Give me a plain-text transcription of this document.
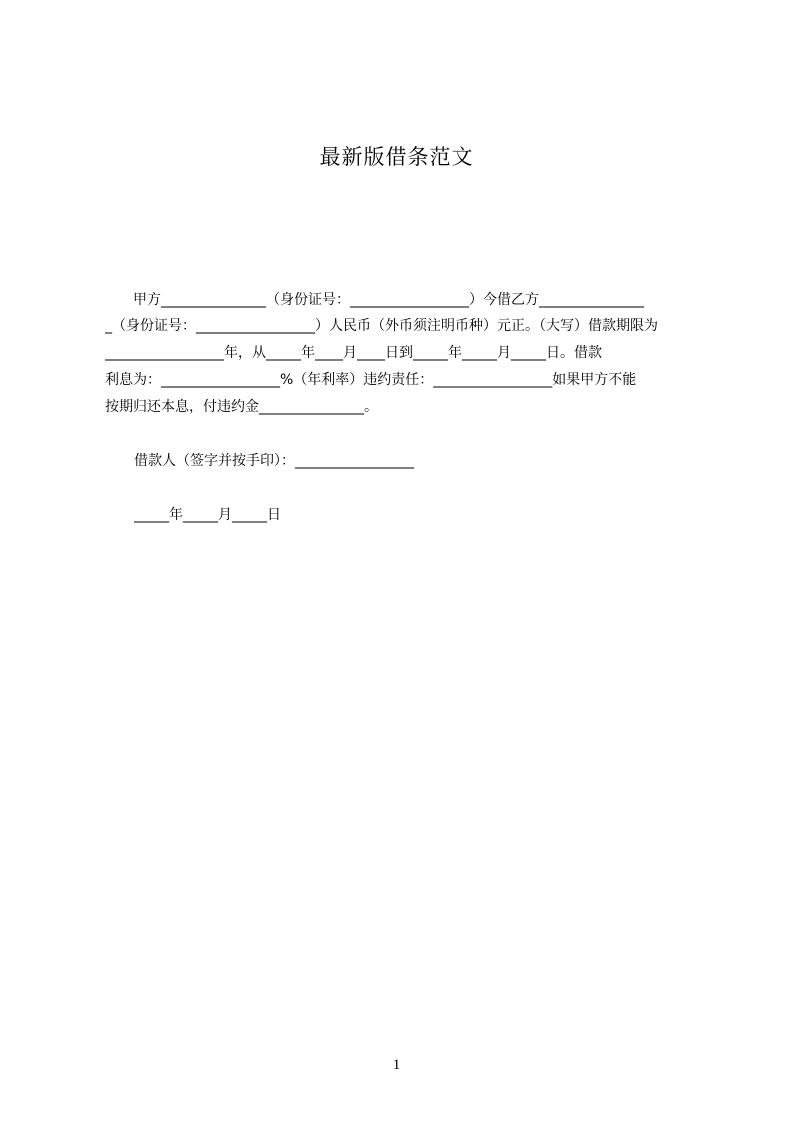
最新版借条范文
　　甲方_______________（身份证号：_________________）今借乙方_______________
_（身份证号：_________________）人民币（外币须注明币种）元正。（大写）借款期限为
_________________年，从_____年____月____日到_____年_____月_____日。借款
利息为：_________________%（年利率）违约责任：_________________如果甲方不能
按期归还本息，付违约金_______________。
借款人（签字并按手印）：_________________
_____年_____月_____日
1
